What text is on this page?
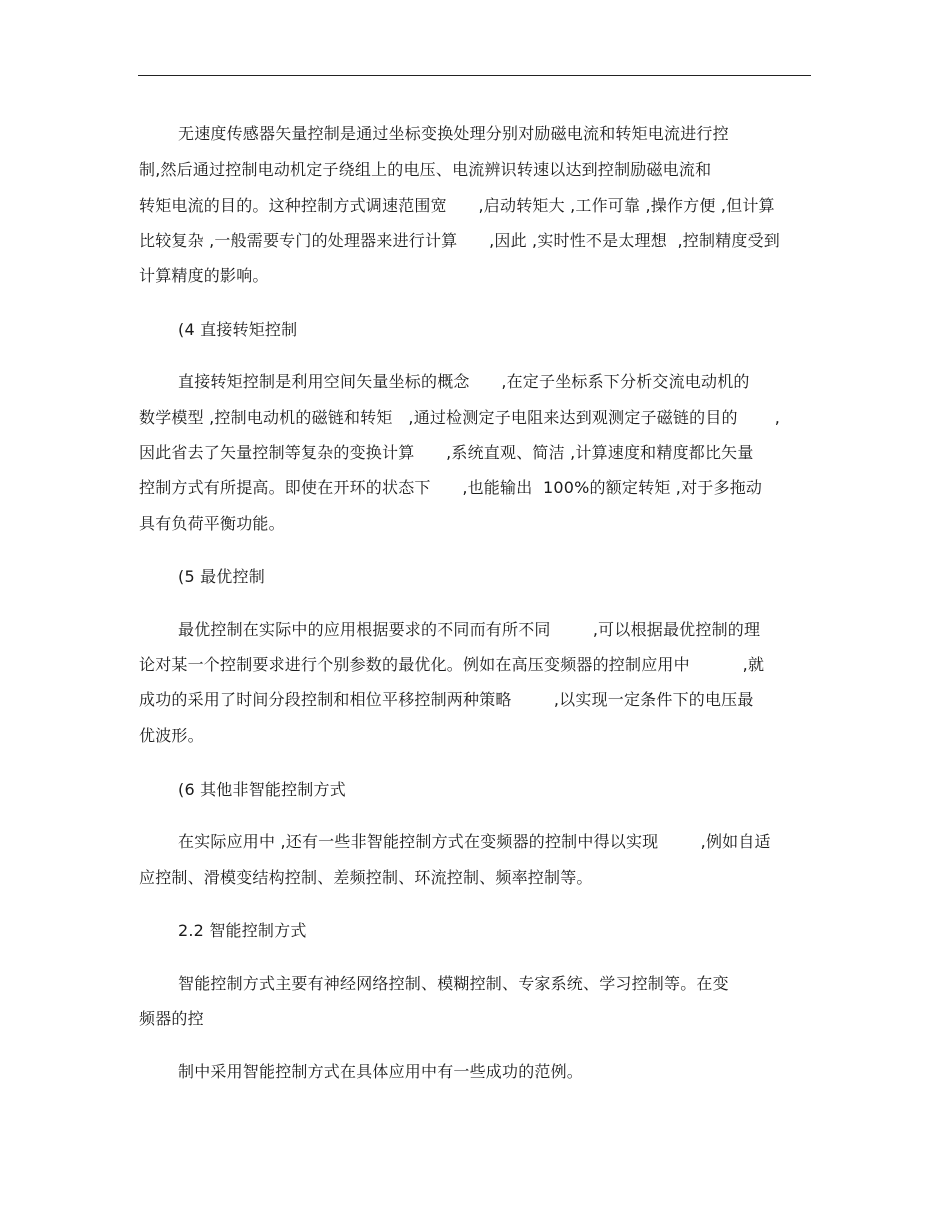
无速度传感器矢量控制是通过坐标变换处理分别对励磁电流和转矩电流进行控
制,然后通过控制电动机定子绕组上的电压、电流辨识转速以达到控制励磁电流和
转矩电流的目的。这种控制方式调速范围宽      ,启动转矩大 ,工作可靠 ,操作方便 ,但计算
比较复杂 ,一般需要专门的处理器来进行计算      ,因此 ,实时性不是太理想  ,控制精度受到
计算精度的影响。
(4 直接转矩控制
直接转矩控制是利用空间矢量坐标的概念      ,在定子坐标系下分析交流电动机的
数学模型 ,控制电动机的磁链和转矩   ,通过检测定子电阻来达到观测定子磁链的目的       ,
因此省去了矢量控制等复杂的变换计算      ,系统直观、简洁 ,计算速度和精度都比矢量
控制方式有所提高。即使在开环的状态下      ,也能输出  100%的额定转矩 ,对于多拖动
具有负荷平衡功能。
(5 最优控制
最优控制在实际中的应用根据要求的不同而有所不同        ,可以根据最优控制的理
论对某一个控制要求进行个别参数的最优化。例如在高压变频器的控制应用中          ,就
成功的采用了时间分段控制和相位平移控制两种策略        ,以实现一定条件下的电压最
优波形。
(6 其他非智能控制方式
在实际应用中 ,还有一些非智能控制方式在变频器的控制中得以实现        ,例如自适
应控制、滑模变结构控制、差频控制、环流控制、频率控制等。
2.2 智能控制方式
智能控制方式主要有神经网络控制、模糊控制、专家系统、学习控制等。在变
频器的控
制中采用智能控制方式在具体应用中有一些成功的范例。
